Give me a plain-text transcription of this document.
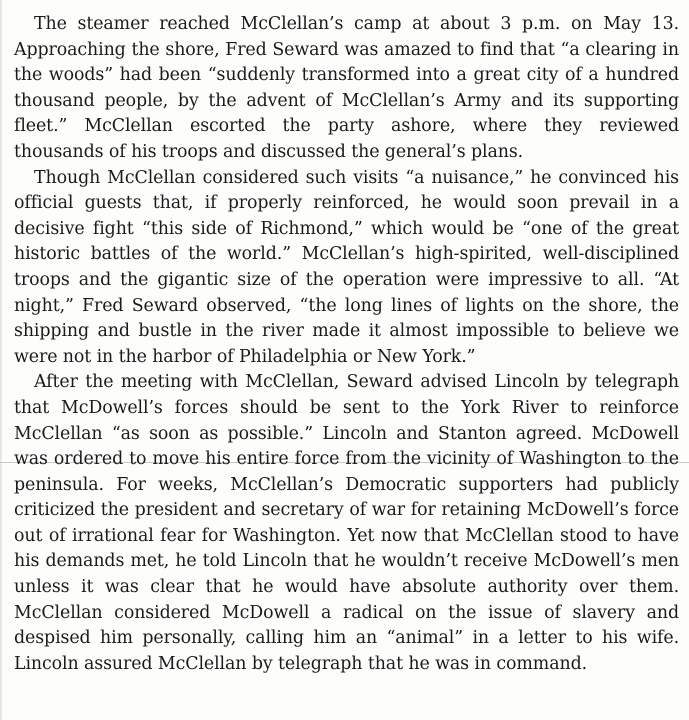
The steamer reached McClellan’s camp at about 3 p.m. on May 13. Approaching the shore, Fred Seward was amazed to find that “a clearing in the woods” had been “suddenly transformed into a great city of a hundred thousand people, by the advent of McClellan’s Army and its supporting fleet.” McClellan escorted the party ashore, where they reviewed thousands of his troops and discussed the general’s plans.

Though McClellan considered such visits “a nuisance,” he convinced his official guests that, if properly reinforced, he would soon prevail in a decisive fight “this side of Richmond,” which would be “one of the great historic battles of the world.” McClellan’s high-spirited, well-disciplined troops and the gigantic size of the operation were impressive to all. “At night,” Fred Seward observed, “the long lines of lights on the shore, the shipping and bustle in the river made it almost impossible to believe we were not in the harbor of Philadelphia or New York.”

After the meeting with McClellan, Seward advised Lincoln by telegraph that McDowell’s forces should be sent to the York River to reinforce McClellan “as soon as possible.” Lincoln and Stanton agreed. McDowell was ordered to move his entire force from the vicinity of Washington to the peninsula. For weeks, McClellan’s Democratic supporters had publicly criticized the president and secretary of war for retaining McDowell’s force out of irrational fear for Washington. Yet now that McClellan stood to have his demands met, he told Lincoln that he wouldn’t receive McDowell’s men unless it was clear that he would have absolute authority over them. McClellan considered McDowell a radical on the issue of slavery and despised him personally, calling him an “animal” in a letter to his wife. Lincoln assured McClellan by telegraph that he was in command.
